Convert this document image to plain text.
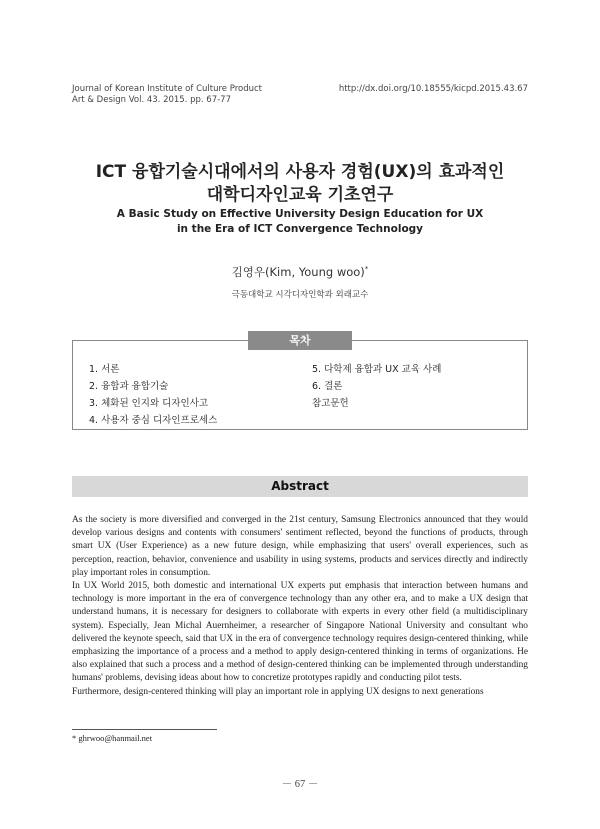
Journal of Korean Institute of Culture Product
Art & Design Vol. 43. 2015. pp. 67-77
http://dx.doi.org/10.18555/kicpd.2015.43.67
ICT 융합기술시대에서의 사용자 경험(UX)의 효과적인
대학디자인교육 기초연구
A Basic Study on Effective University Design Education for UX
in the Era of ICT Convergence Technology
김영우(Kim, Young woo)*
극동대학교 시각디자인학과 외래교수
목차
1. 서론
2. 융합과 융합기술
3. 체화된 인지와 디자인사고
4. 사용자 중심 디자인프로세스
5. 다학제 융합과 UX 교육 사례
6. 결론
참고문헌
Abstract

As the society is more diversified and converged in the 21st century, Samsung Electronics announced that they would develop various designs and contents with consumers' sentiment reflected, beyond the functions of products, through smart UX (User Experience) as a new future design, while emphasizing that users' overall experiences, such as perception, reaction, behavior, convenience and usability in using systems, products and services directly and indirectly play important roles in consumption.

In UX World 2015, both domestic and international UX experts put emphasis that interaction between humans and technology is more important in the era of convergence technology than any other era, and to make a UX design that understand humans, it is necessary for designers to collaborate with experts in every other field (a multidisciplinary system). Especially, Jean Michal Auernheimer, a researcher of Singapore National University and consultant who delivered the keynote speech, said that UX in the era of convergence technology requires design-centered thinking, while emphasizing the importance of a process and a method to apply design-centered thinking in terms of organizations. He also explained that such a process and a method of design-centered thinking can be implemented through understanding humans' problems, devising ideas about how to concretize prototypes rapidly and conducting pilot tests.

Furthermore, design-centered thinking will play an important role in applying UX designs to next generations

* ghrwoo@hanmail.net
－ 67 －
